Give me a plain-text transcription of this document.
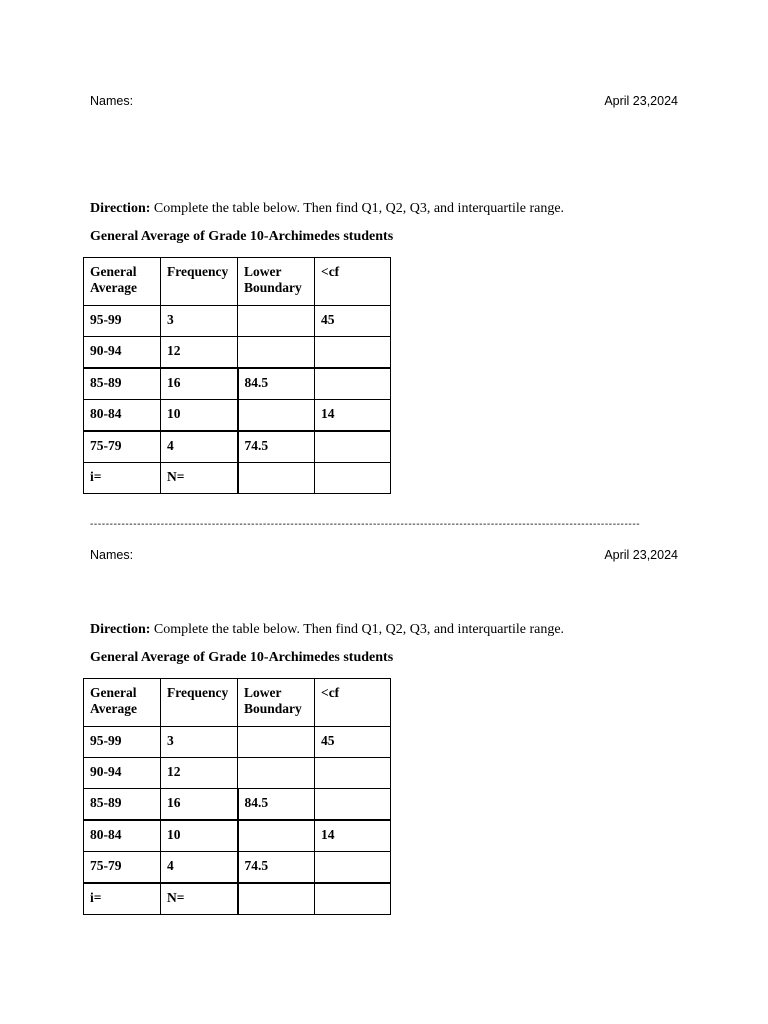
Names:	April 23,2024
Direction: Complete the table below. Then find Q1, Q2, Q3, and interquartile range.
General Average of Grade 10-Archimedes students
General Average	Frequency	Lower Boundary	<cf
95-99	3		45
90-94	12		
85-89	16	84.5	
80-84	10		14
75-79	4	74.5	
i=	N=		
--------------------------------------------------------------------------------------------------------------------------------------------
Names:	April 23,2024
Direction: Complete the table below. Then find Q1, Q2, Q3, and interquartile range.
General Average of Grade 10-Archimedes students
General Average	Frequency	Lower Boundary	<cf
95-99	3		45
90-94	12		
85-89	16	84.5	
80-84	10		14
75-79	4	74.5	
i=	N=		
